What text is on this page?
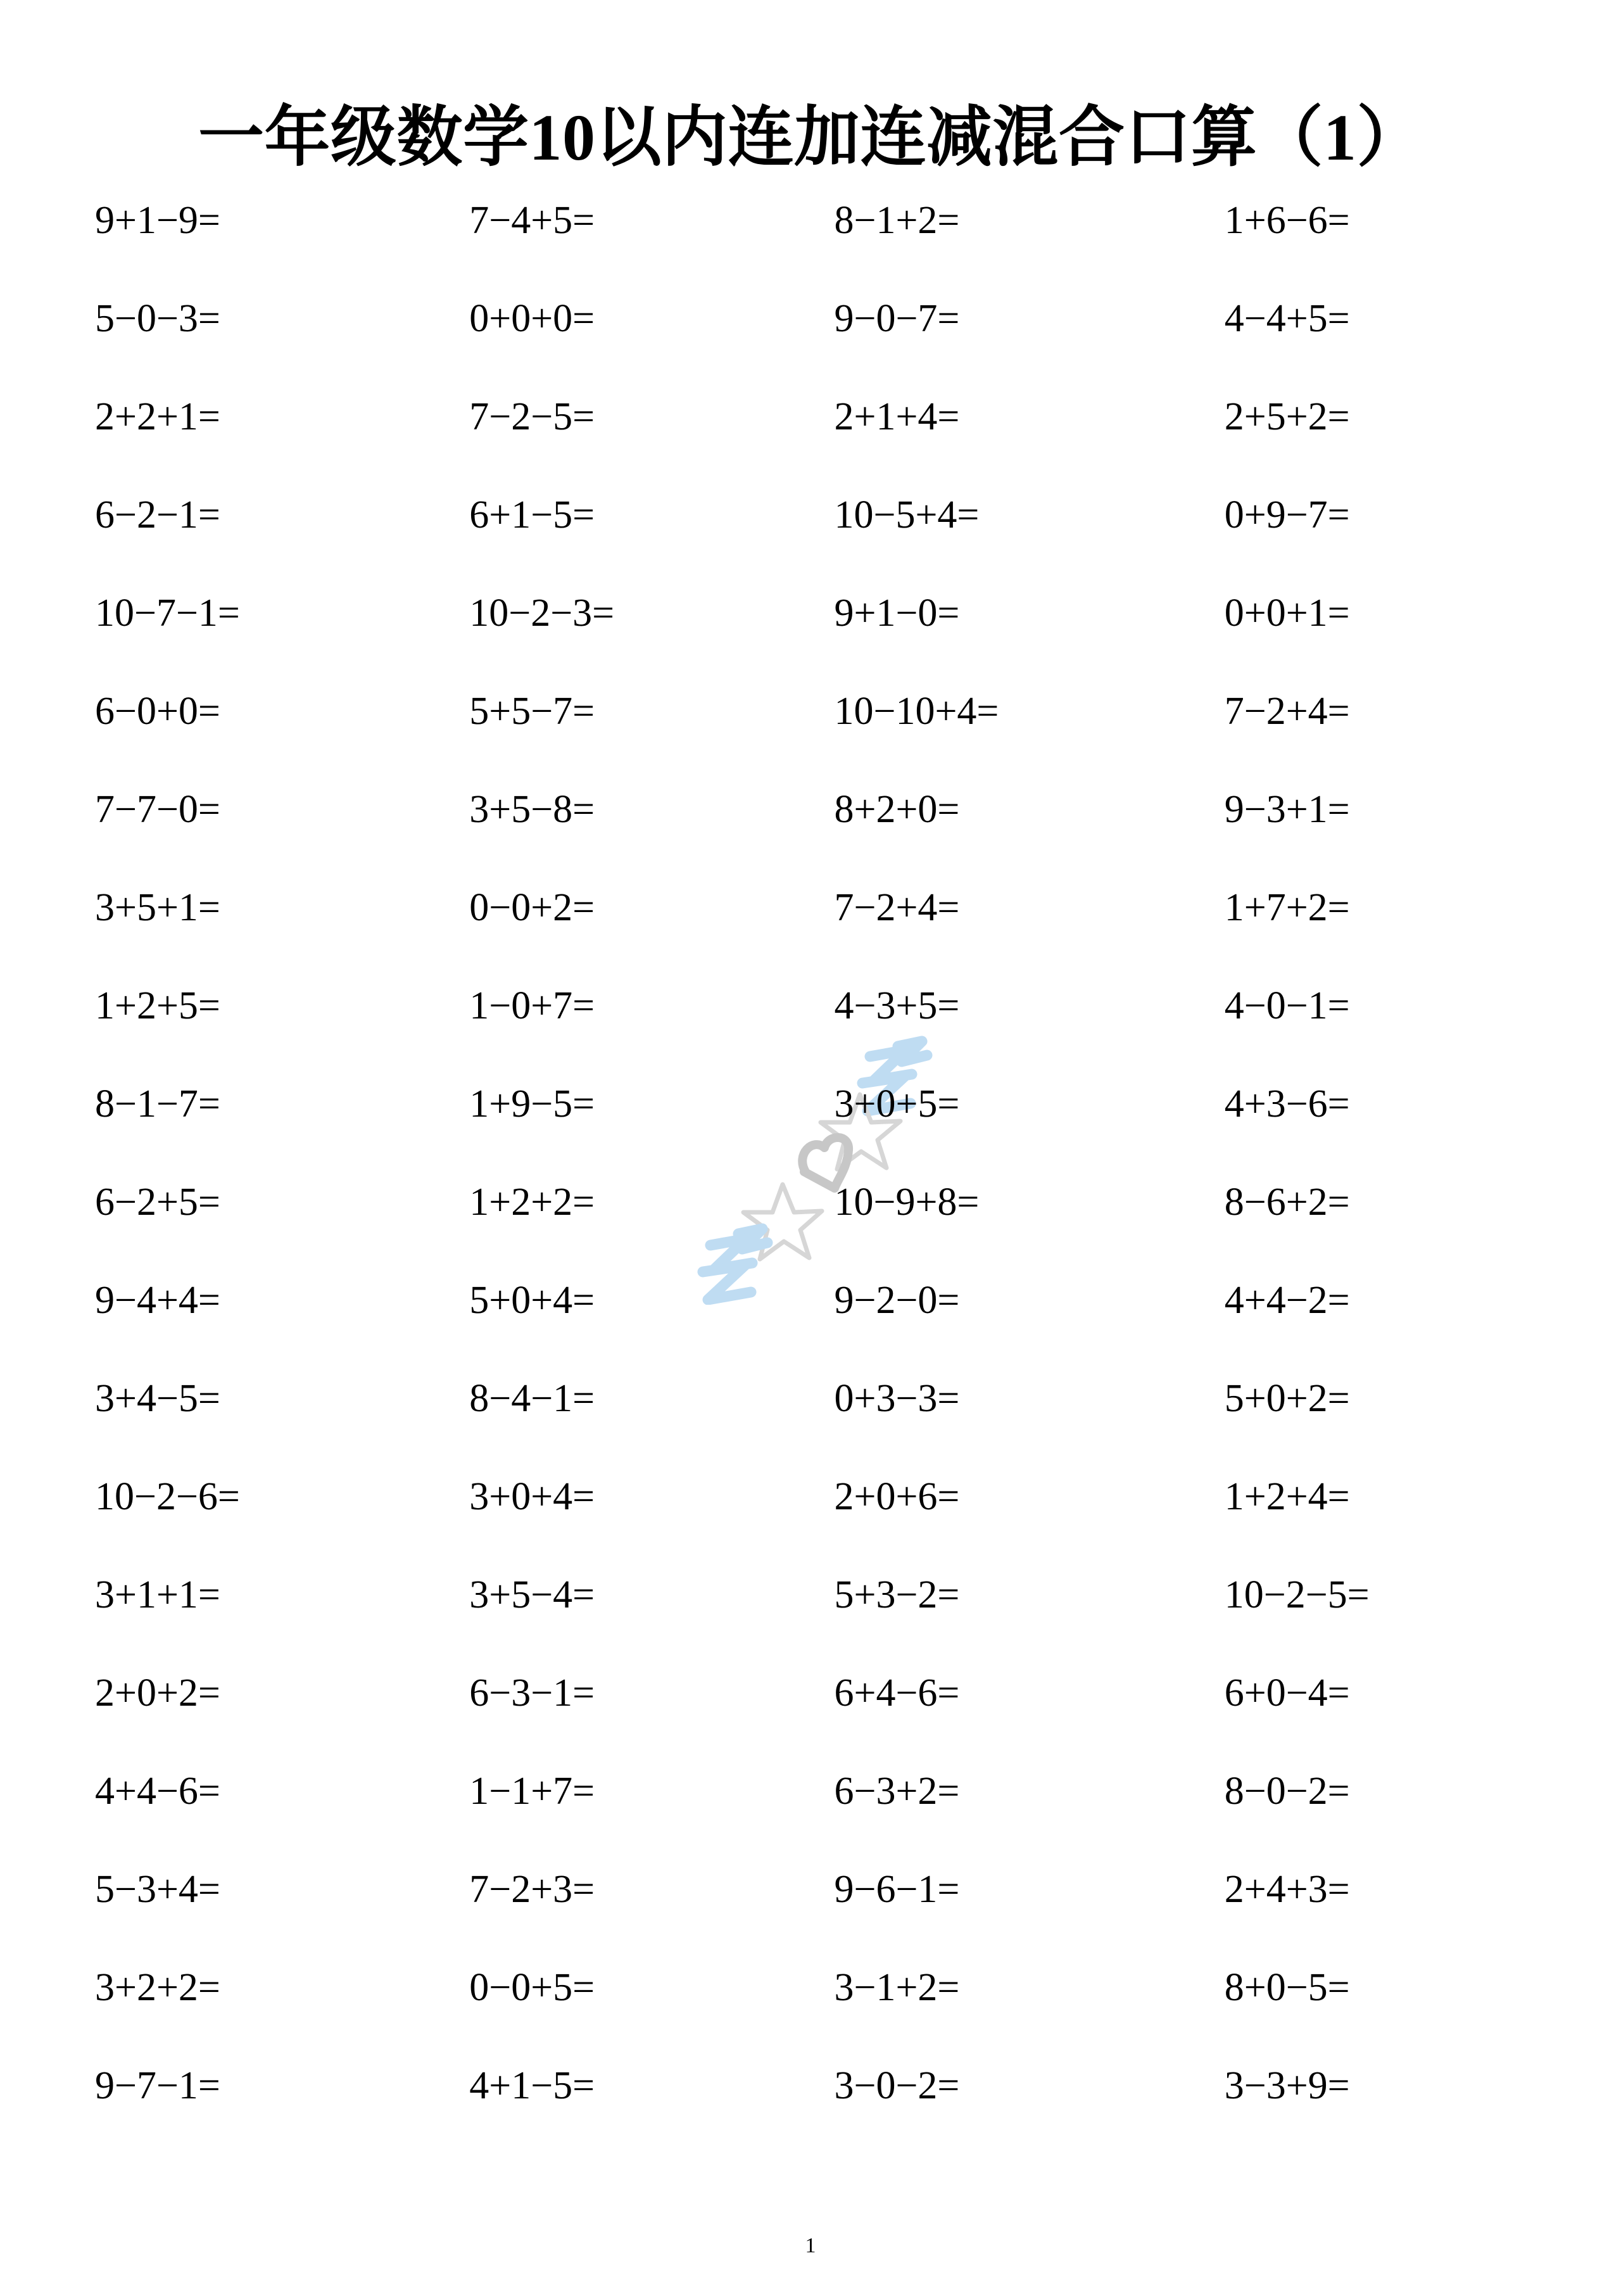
一年级数学10以内连加连减混合口算（1）
9+1−9=	7−4+5=	8−1+2=	1+6−6=
5−0−3=	0+0+0=	9−0−7=	4−4+5=
2+2+1=	7−2−5=	2+1+4=	2+5+2=
6−2−1=	6+1−5=	10−5+4=	0+9−7=
10−7−1=	10−2−3=	9+1−0=	0+0+1=
6−0+0=	5+5−7=	10−10+4=	7−2+4=
7−7−0=	3+5−8=	8+2+0=	9−3+1=
3+5+1=	0−0+2=	7−2+4=	1+7+2=
1+2+5=	1−0+7=	4−3+5=	4−0−1=
8−1−7=	1+9−5=	3+0+5=	4+3−6=
6−2+5=	1+2+2=	10−9+8=	8−6+2=
9−4+4=	5+0+4=	9−2−0=	4+4−2=
3+4−5=	8−4−1=	0+3−3=	5+0+2=
10−2−6=	3+0+4=	2+0+6=	1+2+4=
3+1+1=	3+5−4=	5+3−2=	10−2−5=
2+0+2=	6−3−1=	6+4−6=	6+0−4=
4+4−6=	1−1+7=	6−3+2=	8−0−2=
5−3+4=	7−2+3=	9−6−1=	2+4+3=
3+2+2=	0−0+5=	3−1+2=	8+0−5=
9−7−1=	4+1−5=	3−0−2=	3−3+9=
1
